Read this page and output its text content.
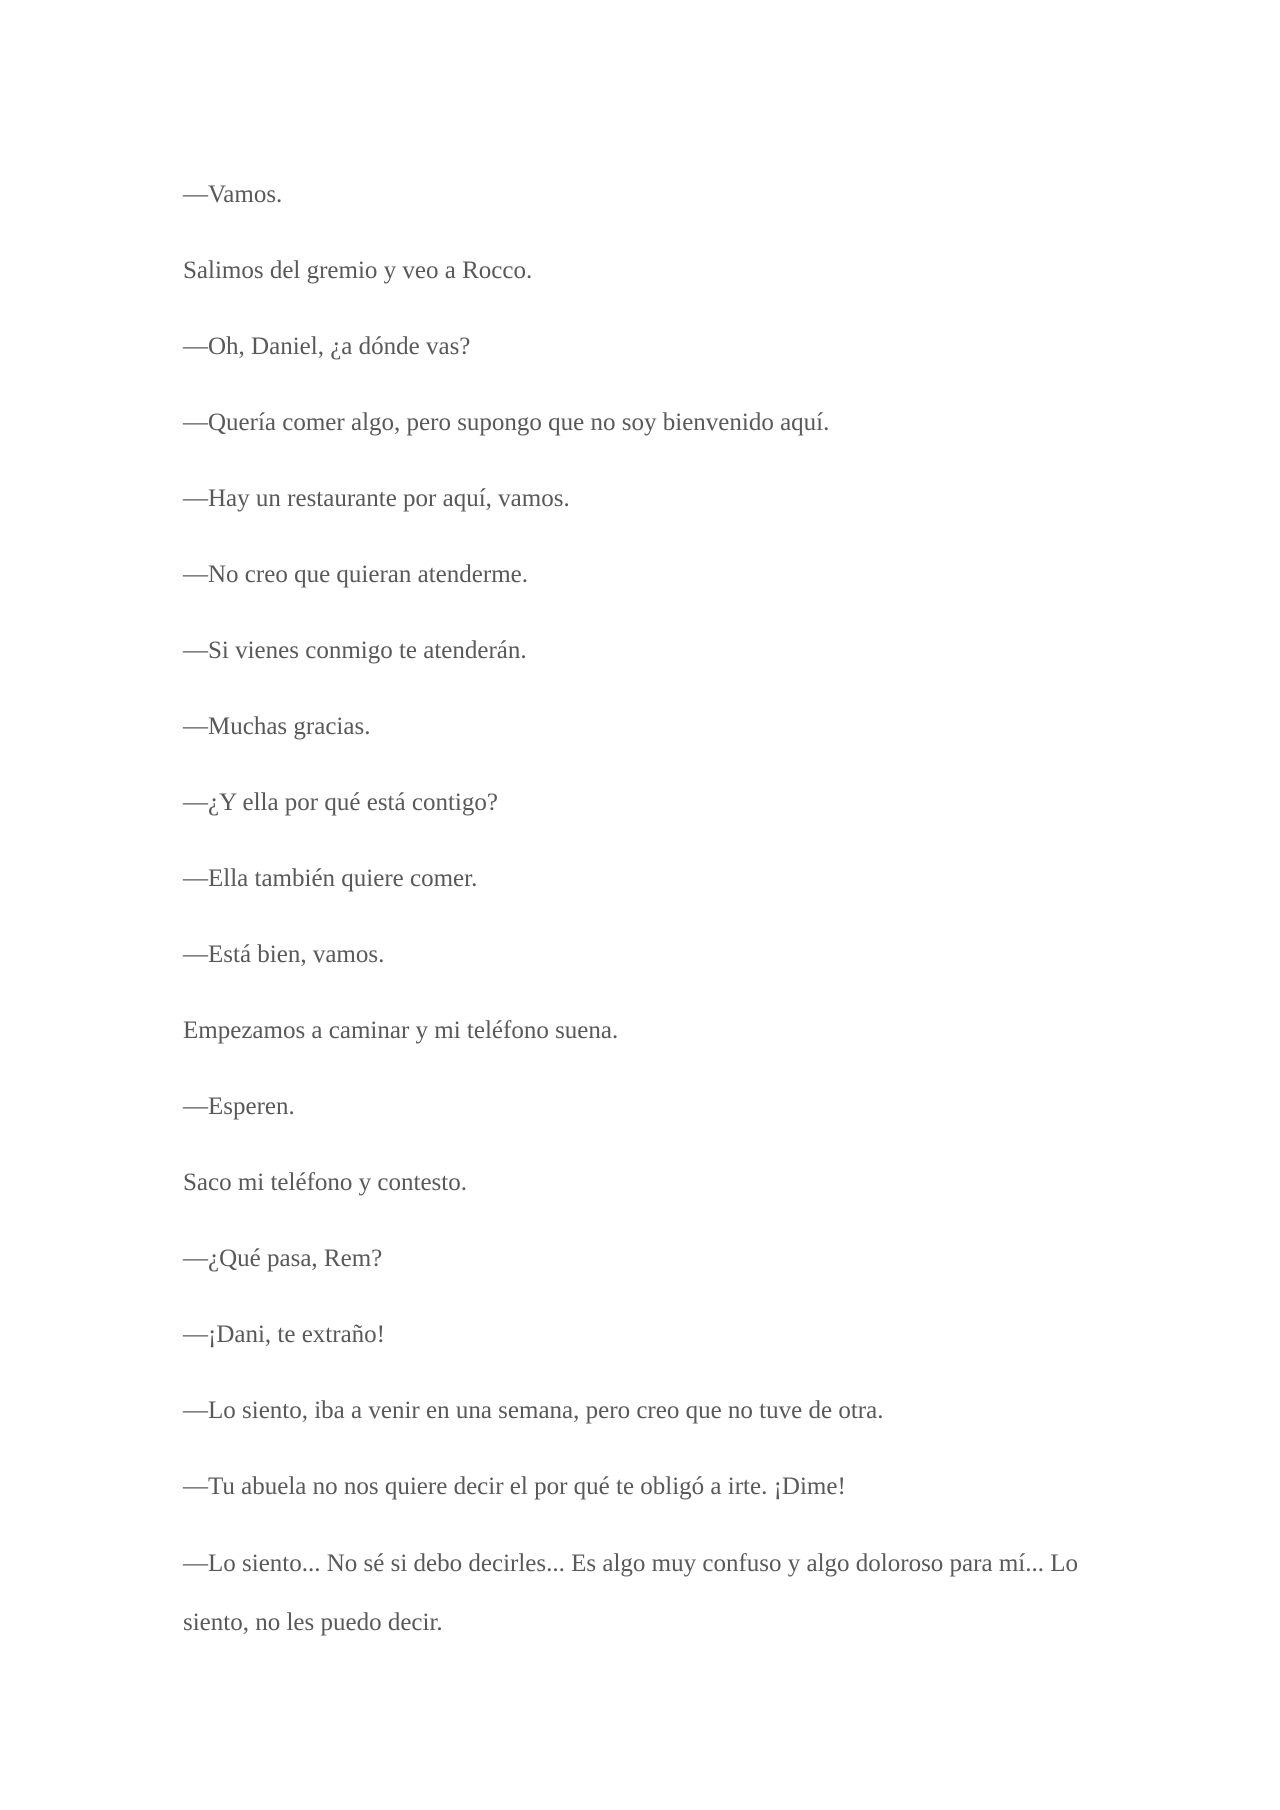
—Vamos.

Salimos del gremio y veo a Rocco.

—Oh, Daniel, ¿a dónde vas?

—Quería comer algo, pero supongo que no soy bienvenido aquí.

—Hay un restaurante por aquí, vamos.

—No creo que quieran atenderme.

—Si vienes conmigo te atenderán.

—Muchas gracias.

—¿Y ella por qué está contigo?

—Ella también quiere comer.

—Está bien, vamos.

Empezamos a caminar y mi teléfono suena.

—Esperen.

Saco mi teléfono y contesto.

—¿Qué pasa, Rem?

—¡Dani, te extraño!

—Lo siento, iba a venir en una semana, pero creo que no tuve de otra.

—Tu abuela no nos quiere decir el por qué te obligó a irte. ¡Dime!

—Lo siento... No sé si debo decirles... Es algo muy confuso y algo doloroso para mí... Lo siento, no les puedo decir.
